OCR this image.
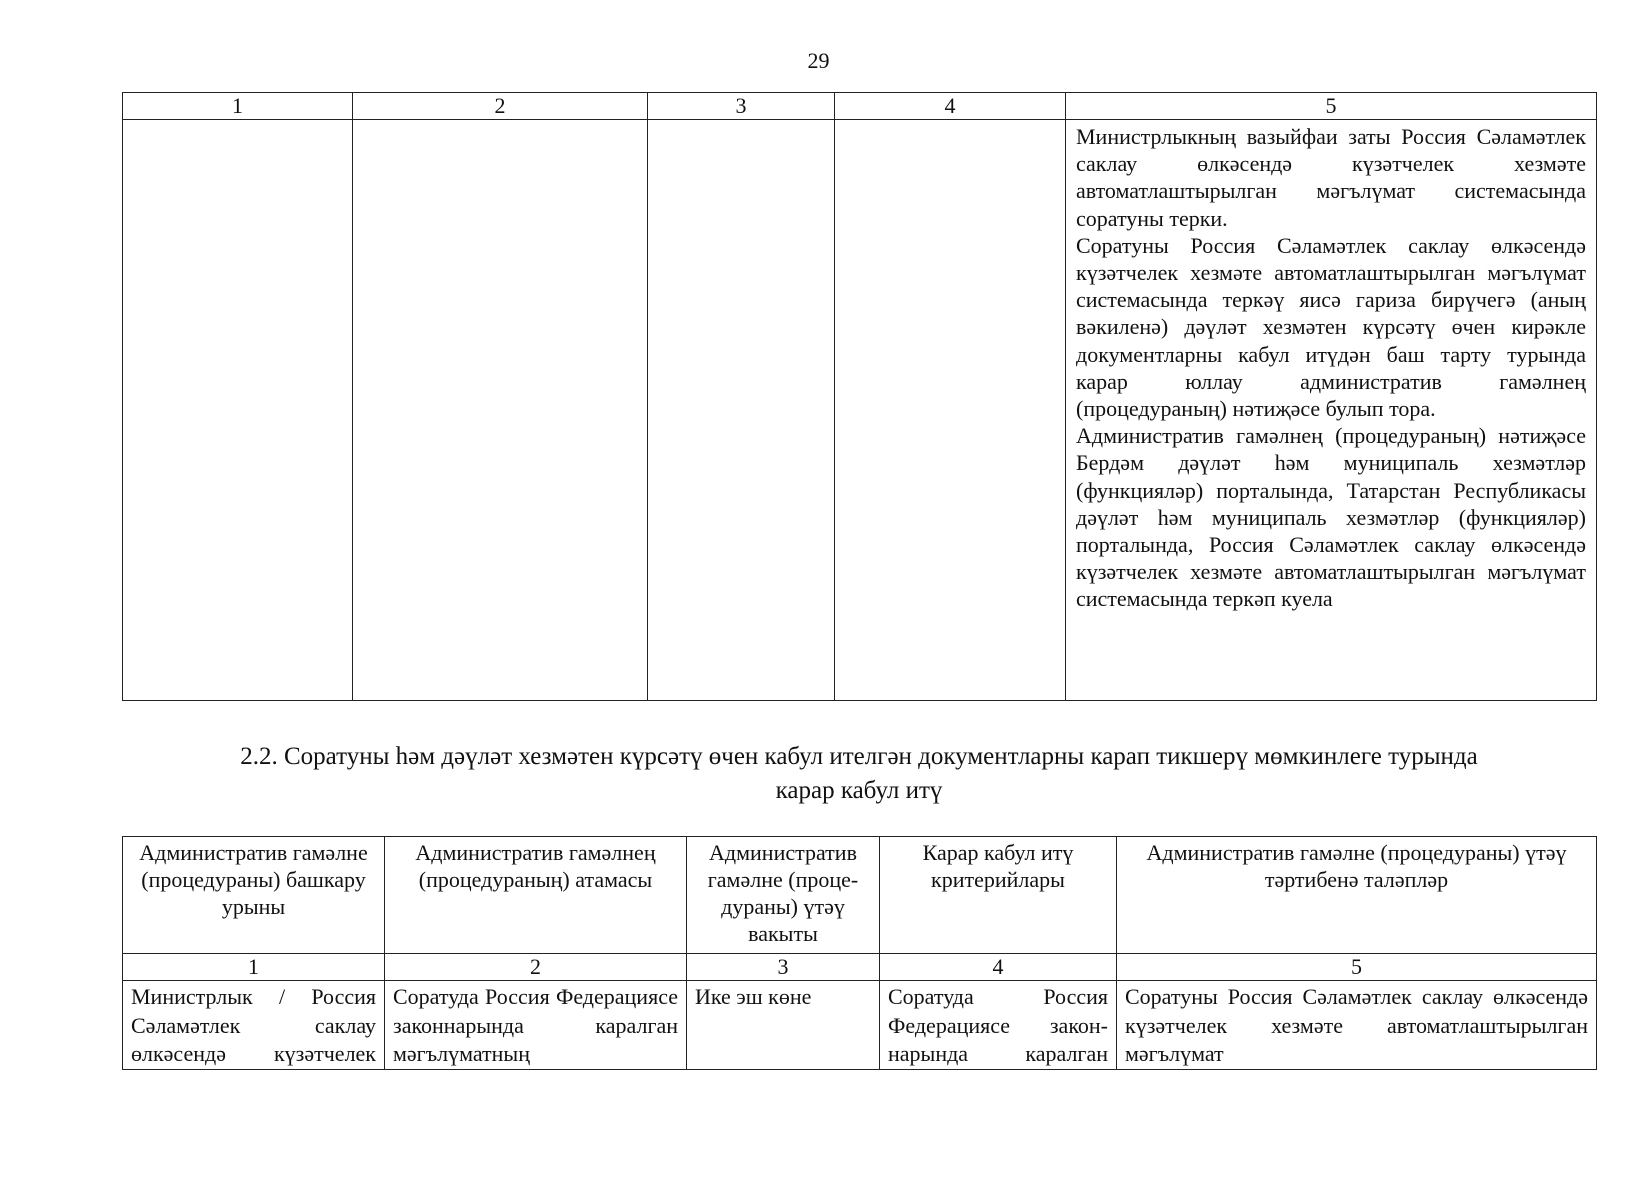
29
1	2	3	4	5

				Министрлыкның вазыйфаи заты Россия Сәламәтлек саклау өлкәсендә күзәтчелек хезмәте автоматлаштырылган мәгълүмат системасында соратуны терки.
Соратуны Россия Сәламәтлек саклау өлкәсендә күзәтчелек хезмәте автоматлаштырылган мәгълүмат системасында теркәү яисә гариза бирүчегә (аның вәкиленә) дәүләт хезмәтен күрсәтү өчен кирәкле документларны кабул итүдән баш тарту турында карар юллау административ гамәлнең (процедураның) нәтиҗәсе булып тора.
Административ гамәлнең (процедураның) нәтиҗәсе Бердәм дәүләт һәм муниципаль хезмәтләр (функцияләр) порталында, Татарстан Республикасы дәүләт һәм муниципаль хезмәтләр (функцияләр) порталында, Россия Сәламәтлек саклау өлкәсендә күзәтчелек хезмәте автоматлаштырылган мәгълүмат системасында теркәп куела
2.2. Соратуны һәм дәүләт хезмәтен күрсәтү өчен кабул ителгән документларны карап тикшерү мөмкинлеге турында
карар кабул итү
Административ гамәлне (процедураны) башкару урыны	Административ гамәлнең (процедураның) атамасы	Административ гамәлне (проце-дураны) үтәү вакыты	Карар кабул итү критерийлары	Административ гамәлне (процедураны) үтәү тәртибенә таләпләр
1	2	3	4	5
Министрлык / Россия Сәламәтлек саклау өлкәсендә күзәтчелек	Соратуда Россия Федерациясе законнарында каралган мәгълүматның	Ике эш көне	Соратуда Россия Федерациясе закон-нарында каралган	Соратуны Россия Сәламәтлек саклау өлкәсендә күзәтчелек хезмәте автоматлаштырылган мәгълүмат
